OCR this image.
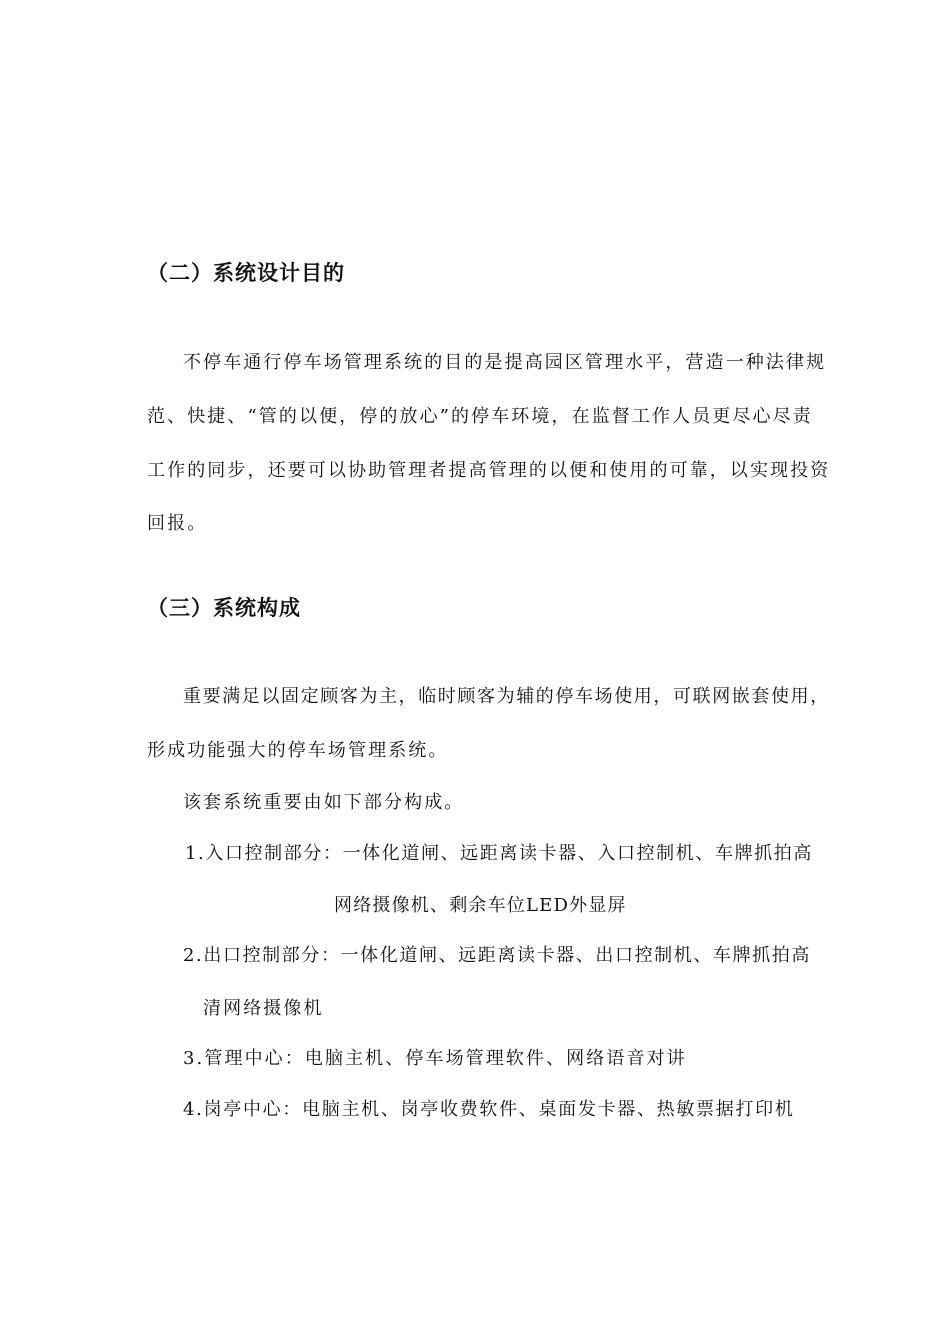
（二）系统设计目的
不停车通行停车场管理系统的目的是提高园区管理水平，营造一种法律规
范、快捷、“管的以便，停的放心”的停车环境，在监督工作人员更尽心尽责
工作的同步，还要可以协助管理者提高管理的以便和使用的可靠，以实现投资
回报。
（三）系统构成
重要满足以固定顾客为主，临时顾客为辅的停车场使用，可联网嵌套使用，
形成功能强大的停车场管理系统。
该套系统重要由如下部分构成。
1.入口控制部分：一体化道闸、远距离读卡器、入口控制机、车牌抓拍高
网络摄像机、剩余车位LED外显屏
2.出口控制部分：一体化道闸、远距离读卡器、出口控制机、车牌抓拍高
清网络摄像机
3.管理中心：电脑主机、停车场管理软件、网络语音对讲
4.岗亭中心：电脑主机、岗亭收费软件、桌面发卡器、热敏票据打印机
